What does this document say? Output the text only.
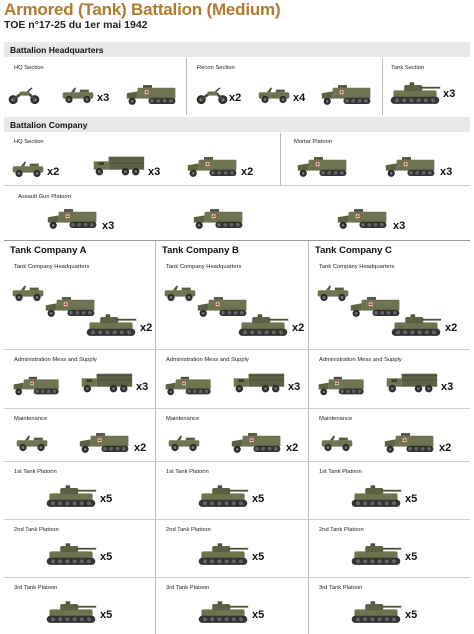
Armored (Tank) Battalion (Medium)
TOE n°17-25 du 1er mai 1942
Battalion Headquarters
HQ Section
x3
Recon Section
x2	x4
Tank Section
x3
Battalion Company
HQ Section
x2	x3	x2
Mortar Platoon
x3
Assault Gun Platoon
x3	x3
Tank Company A
Tank Company Headquarters
x2
Administration Mess and Supply
x3
Maintenance
x2
1st Tank Platoon
x5
2nd Tank Platoon
x5
3rd Tank Platoon
x5
Tank Company B
Tank Company Headquarters
x2
Administration Mess and Supply
x3
Maintenance
x2
1st Tank Platoon
x5
2nd Tank Platoon
x5
3rd Tank Platoon
x5
Tank Company C
Tank Company Headquarters
x2
Administration Mess and Supply
x3
Maintenance
x2
1st Tank Platoon
x5
2nd Tank Platoon
x5
3rd Tank Platoon
x5
